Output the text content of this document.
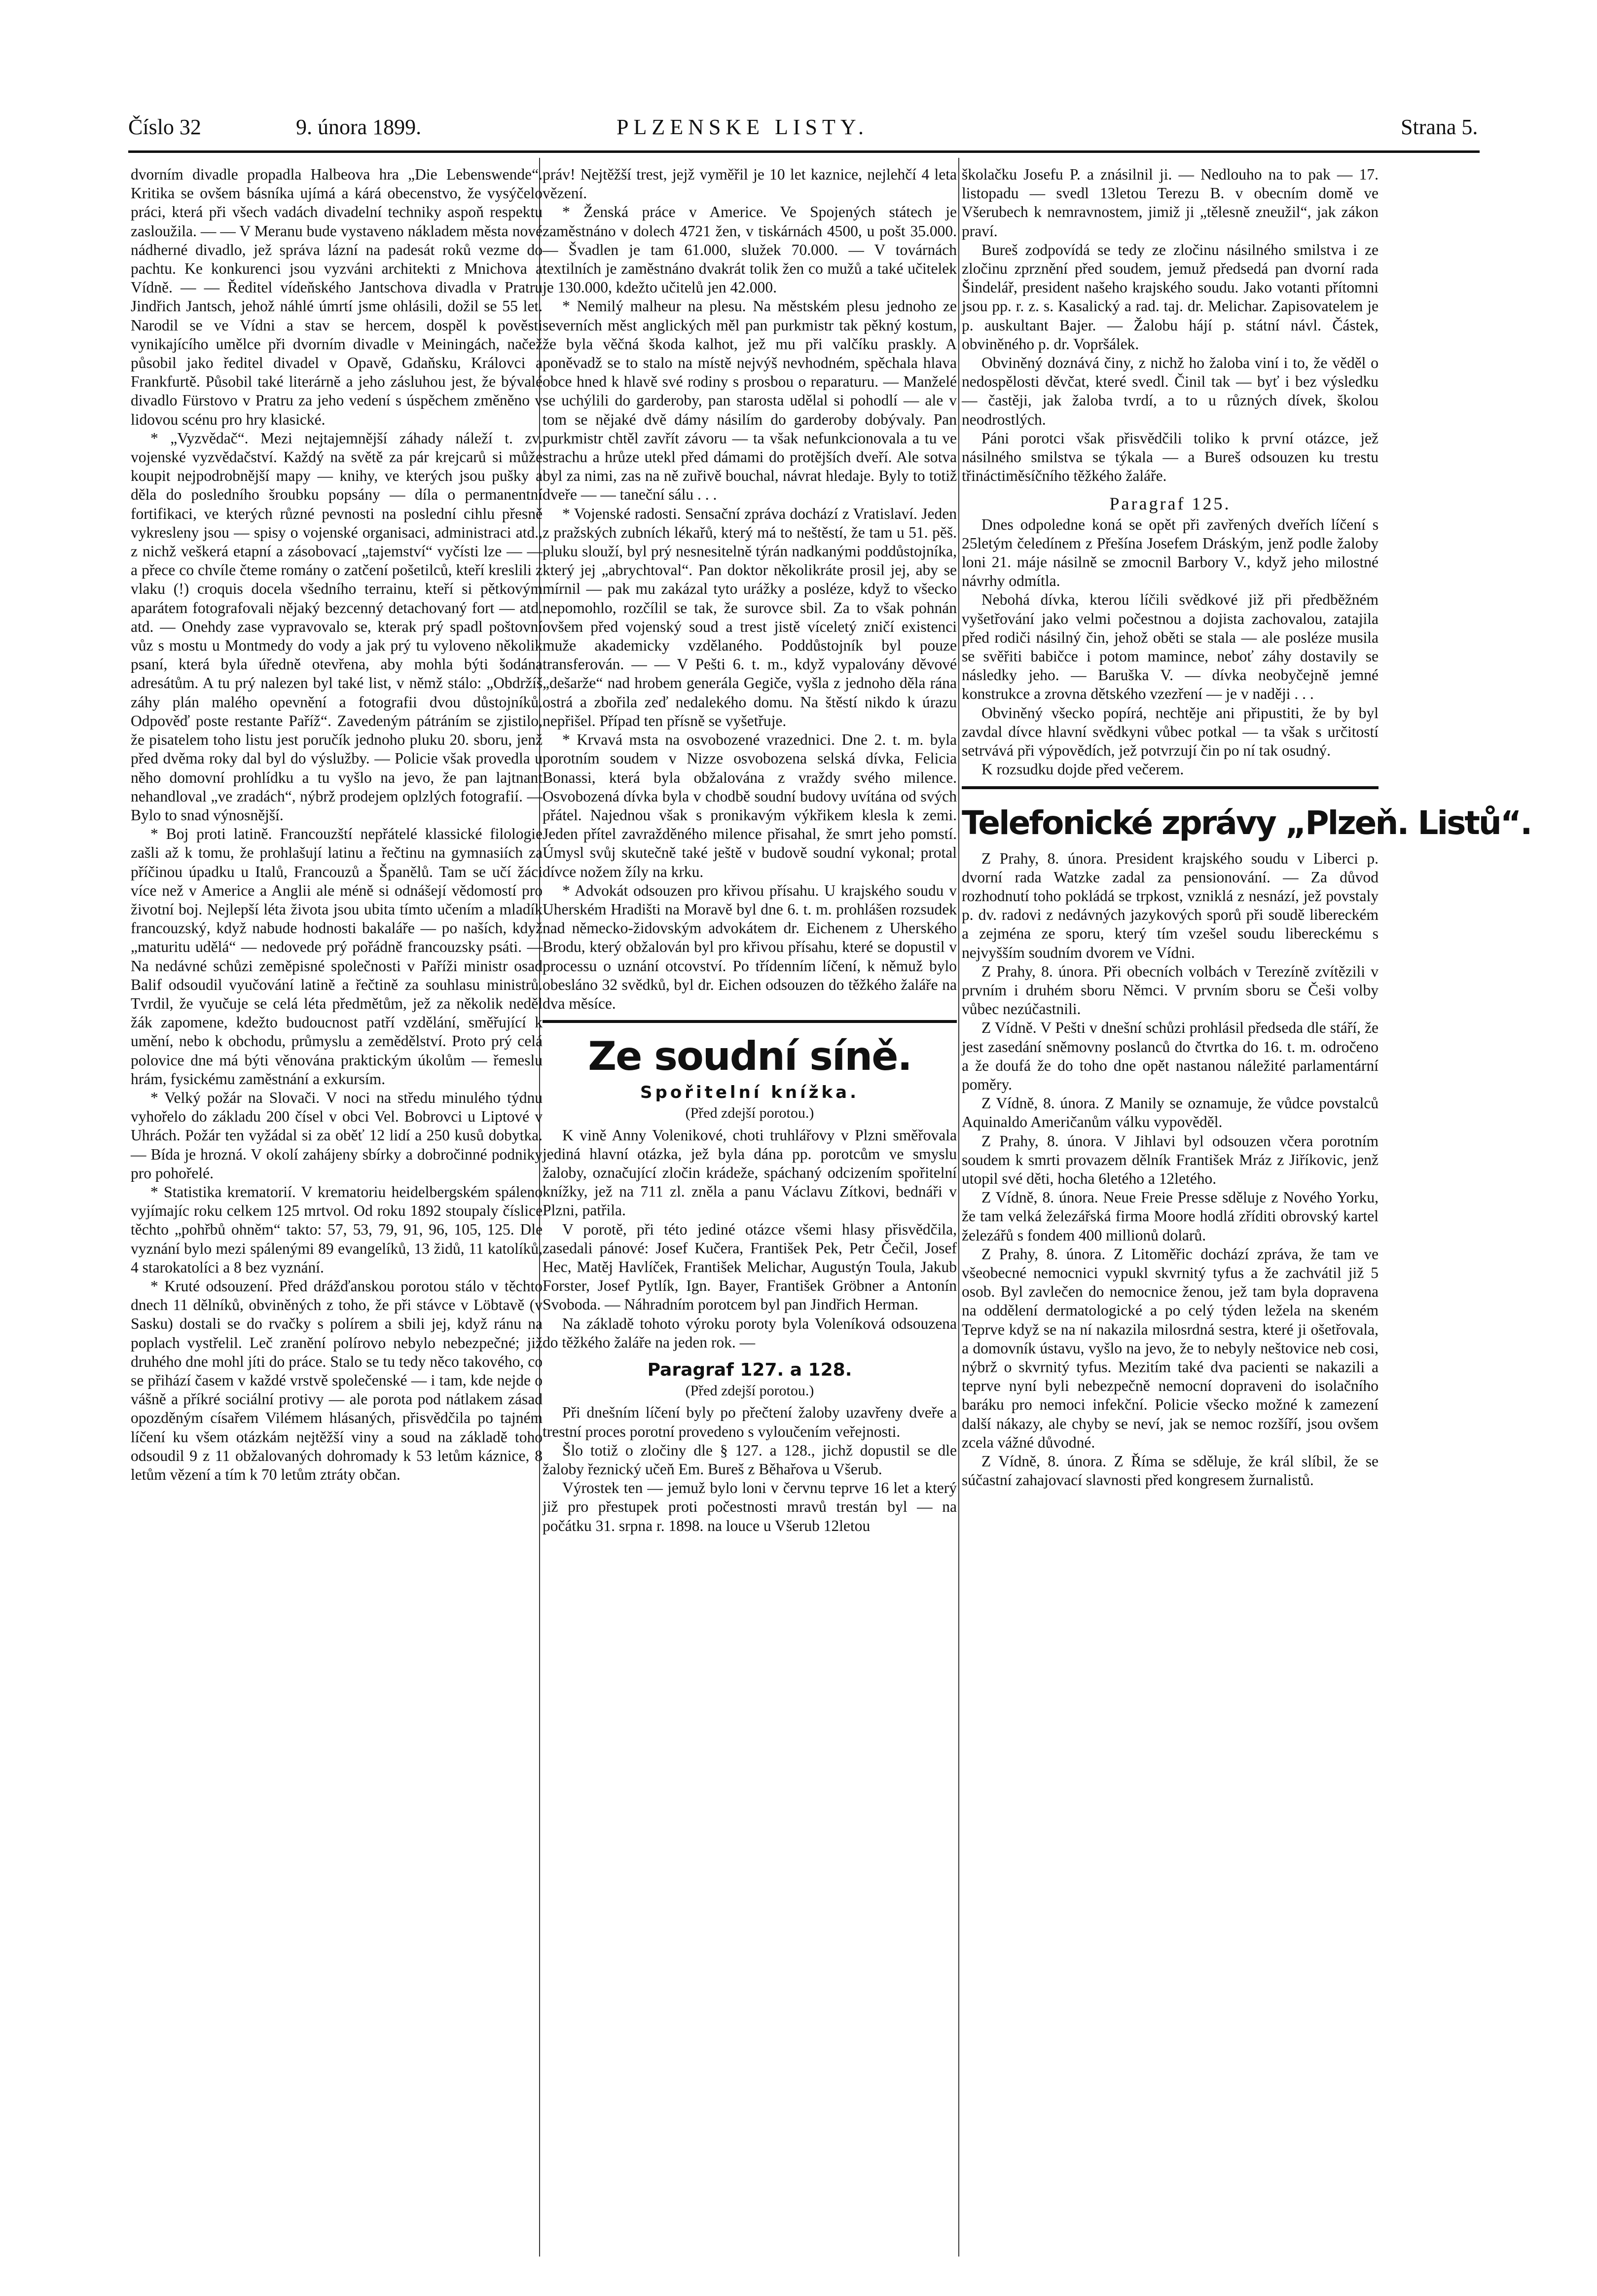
Číslo 32	9. února 1899.	PLZENSKE LISTY.	Strana 5.

dvorním divadle propadla Halbeova hra „Die Lebenswende“. Kritika se ovšem básníka ujímá a kárá obecenstvo, že vysýčelo práci, která při všech vadách divadelní techniky aspoň respektu zasloužila. — — V Meranu bude vystaveno nákladem města nové nádherné divadlo, jež správa lázní na padesát roků vezme do pachtu. Ke konkurenci jsou vyzváni architekti z Mnichova a Vídně. — — Ředitel vídeňského Jantschova divadla v Pratru Jindřich Jantsch, jehož náhlé úmrtí jsme ohlásili, dožil se 55 let. Narodil se ve Vídni a stav se hercem, dospěl k pověsti vynikajícího umělce při dvorním divadle v Meiningách, načež působil jako ředitel divadel v Opavě, Gdaňsku, Královci a Frankfurtě. Působil také literárně a jeho zásluhou jest, že bývalé divadlo Fürstovo v Pratru za jeho vedení s úspěchem změněno v lidovou scénu pro hry klasické.

* „Vyzvědač“. Mezi nejtajemnější záhady náleží t. zv. vojenské vyzvědačství. Každý na světě za pár krejcarů si může koupit nejpodrobnější mapy — knihy, ve kterých jsou pušky a děla do posledního šroubku popsány — díla o permanentní fortifikaci, ve kterých různé pevnosti na poslední cihlu přesně vykresleny jsou — spisy o vojenské organisaci, administraci atd., z nichž veškerá etapní a zásobovací „tajemství“ vyčísti lze — — a přece co chvíle čteme romány o zatčení pošetilců, kteří kreslili z vlaku (!) croquis docela všedního terrainu, kteří si pětkovým aparátem fotografovali nějaký bezcenný detachovaný fort — atd. atd. — Onehdy zase vypravovalo se, kterak prý spadl poštovní vůz s mostu u Montmedy do vody a jak prý tu vyloveno několik psaní, která byla úředně otevřena, aby mohla býti šodána adresátům. A tu prý nalezen byl také list, v němž stálo: „Obdržíš záhy plán malého opevnění a fotografii dvou důstojníků. Odpověď poste restante Paříž“. Zavedeným pátráním se zjistilo, že pisatelem toho listu jest poručík jednoho pluku 20. sboru, jenž před dvěma roky dal byl do výslužby. — Policie však provedla u něho domovní prohlídku a tu vyšlo na jevo, že pan lajtnant nehandloval „ve zradách“, nýbrž prodejem oplzlých fotografií. — Bylo to snad výnosnější.

* Boj proti latině. Francouzští nepřátelé klassické filologie zašli až k tomu, že prohlašují latinu a řečtinu na gymnasiích za příčinou úpadku u Italů, Francouzů a Španělů. Tam se učí žáci více než v Americe a Anglii ale méně si odnášejí vědomostí pro životní boj. Nejlepší léta života jsou ubita tímto učením a mladík francouzský, když nabude hodnosti bakaláře — po naších, když „maturitu udělá“ — nedovede prý pořádně francouzsky psáti. — Na nedávné schůzi zeměpisné společnosti v Paříži ministr osad Balif odsoudil vyučování latině a řečtině za souhlasu ministrů. Tvrdil, že vyučuje se celá léta předmětům, jež za několik neděl žák zapomene, kdežto budoucnost patří vzdělání, směřující k umění, nebo k obchodu, průmyslu a zemědělství. Proto prý celá polovice dne má býti věnována praktickým úkolům — řemeslu hrám, fysickému zaměstnání a exkursím.

* Velký požár na Slovači. V noci na středu minulého týdnu vyhořelo do základu 200 čísel v obci Vel. Bobrovci u Liptové v Uhrách. Požár ten vyžádal si za oběť 12 lidí a 250 kusů dobytka. — Bída je hrozná. V okolí zahájeny sbírky a dobročinné podniky pro pohořelé.

* Statistika krematorií. V krematoriu heidelbergském spáleno vyjímajíc roku celkem 125 mrtvol. Od roku 1892 stoupaly číslice těchto „pohřbů ohněm“ takto: 57, 53, 79, 91, 96, 105, 125. Dle vyznání bylo mezi spálenými 89 evangelíků, 13 židů, 11 katolíků, 4 starokatolíci a 8 bez vyznání.

* Kruté odsouzení. Před drážďanskou porotou stálo v těchto dnech 11 dělníků, obviněných z toho, že při stávce v Löbtavě (v Sasku) dostali se do rvačky s polírem a sbili jej, když ránu na poplach vystřelil. Leč zranění polírovo nebylo nebezpečné; již druhého dne mohl jíti do práce. Stalo se tu tedy něco takového, co se přihází časem v každé vrstvě společenské — i tam, kde nejde o vášně a příkré sociální protivy — ale porota pod nátlakem zásad opozděným císařem Vilémem hlásaných, přisvědčila po tajném líčení ku všem otázkám nejtěžší viny a soud na základě toho odsoudil 9 z 11 obžalovaných dohromady k 53 letům káznice, 8 letům vězení a tím k 70 letům ztráty občan.

práv! Nejtěžší trest, jejž vyměřil je 10 let kaznice, nejlehčí 4 leta vězení.

* Ženská práce v Americe. Ve Spojených státech je zaměstnáno v dolech 4721 žen, v tiskárnách 4500, u pošt 35.000. — Švadlen je tam 61.000, služek 70.000. — V továrnách textilních je zaměstnáno dvakrát tolik žen co mužů a také učitelek je 130.000, kdežto učitelů jen 42.000.

* Nemilý malheur na plesu. Na městském plesu jednoho ze severních měst anglických měl pan purkmistr tak pěkný kostum, že byla věčná škoda kalhot, jež mu při valčíku praskly. A poněvadž se to stalo na místě nejvýš nevhodném, spěchala hlava obce hned k hlavě své rodiny s prosbou o reparaturu. — Manželé se uchýlili do garderoby, pan starosta udělal si pohodlí — ale v tom se nějaké dvě dámy násilím do garderoby dobývaly. Pan purkmistr chtěl zavřít závoru — ta však nefunkcionovala a tu ve strachu a hrůze utekl před dámami do protějších dveří. Ale sotva byl za nimi, zas na ně zuřivě bouchal, návrat hledaje. Byly to totiž dveře — — taneční sálu . . .

* Vojenské radosti. Sensační zpráva dochází z Vratislaví. Jeden z pražských zubních lékařů, který má to neštěstí, že tam u 51. pěš. pluku slouží, byl prý nesnesitelně týrán nadkanými poddůstojníka, který jej „abrychtoval“. Pan doktor několikráte prosil jej, aby se mírnil — pak mu zakázal tyto urážky a posléze, když to všecko nepomohlo, rozčílil se tak, že surovce sbil. Za to však pohnán ovšem před vojenský soud a trest jistě víceletý zničí existenci muže akademicky vzdělaného. Poddůstojník byl pouze transferován. — — V Pešti 6. t. m., když vypalovány děvové „dešarže“ nad hrobem generála Gegiče, vyšla z jednoho děla rána ostrá a zbořila zeď nedalekého domu. Na štěstí nikdo k úrazu nepřišel. Případ ten přísně se vyšetřuje.

* Krvavá msta na osvobozené vrazednici. Dne 2. t. m. byla porotním soudem v Nizze osvobozena selská dívka, Felicia Bonassi, která byla obžalována z vraždy svého milence. Osvobozená dívka byla v chodbě soudní budovy uvítána od svých přátel. Najednou však s pronikavým výkřikem klesla k zemi. Jeden přítel zavražděného milence přisahal, že smrt jeho pomstí. Úmysl svůj skutečně také ještě v budově soudní vykonal; protal dívce nožem žíly na krku.

* Advokát odsouzen pro křivou přísahu. U krajského soudu v Uherském Hradišti na Moravě byl dne 6. t. m. prohlášen rozsudek nad německo-židovským advokátem dr. Eichenem z Uherského Brodu, který obžalován byl pro křivou přísahu, které se dopustil v processu o uznání otcovství. Po třídenním líčení, k němuž bylo obesláno 32 svědků, byl dr. Eichen odsouzen do těžkého žaláře na dva měsíce.

Ze soudní síně.
Spořitelní knížka.
(Před zdejší porotou.)

K vině Anny Volenikové, choti truhlářovy v Plzni směřovala jediná hlavní otázka, jež byla dána pp. porotcům ve smyslu žaloby, označující zločin krádeže, spáchaný odcizením spořitelní knížky, jež na 711 zl. zněla a panu Václavu Zítkovi, bednáři v Plzni, patřila.

V porotě, při této jediné otázce všemi hlasy přisvědčila, zasedali pánové: Josef Kučera, František Pek, Petr Čečil, Josef Hec, Matěj Havlíček, František Melichar, Augustýn Toula, Jakub Forster, Josef Pytlík, Ign. Bayer, František Gröbner a Antonín Svoboda. — Náhradním porotcem byl pan Jindřich Herman.

Na základě tohoto výroku poroty byla Voleníková odsouzena do těžkého žaláře na jeden rok. —

Paragraf 127. a 128.
(Před zdejší porotou.)

Při dnešním líčení byly po přečtení žaloby uzavřeny dveře a trestní proces porotní provedeno s vyloučením veřejnosti.

Šlo totiž o zločiny dle § 127. a 128., jichž dopustil se dle žaloby řeznický učeň Em. Bureš z Běhařova u Všerub.

Výrostek ten — jemuž bylo loni v červnu teprve 16 let a který již pro přestupek proti počestnosti mravů trestán byl — na počátku 31. srpna r. 1898. na louce u Všerub 12letou

školačku Josefu P. a znásilnil ji. — Nedlouho na to pak — 17. listopadu — svedl 13letou Terezu B. v obecním domě ve Všerubech k nemravnostem, jimiž ji „tělesně zneužil“, jak zákon praví.

Bureš zodpovídá se tedy ze zločinu násilného smilstva i ze zločinu zprznění před soudem, jemuž předsedá pan dvorní rada Šindelář, president našeho krajského soudu. Jako votanti přítomni jsou pp. r. z. s. Kasalický a rad. taj. dr. Melichar. Zapisovatelem je p. auskultant Bajer. — Žalobu hájí p. státní návl. Částek, obviněného p. dr. Vopršálek.

Obviněný doznává činy, z nichž ho žaloba viní i to, že věděl o nedospělosti děvčat, které svedl. Činil tak — byť i bez výsledku — častěji, jak žaloba tvrdí, a to u různých dívek, školou neodrostlých.

Páni porotci však přisvědčili toliko k první otázce, jež násilného smilstva se týkala — a Bureš odsouzen ku trestu třináctiměsíčního těžkého žaláře.

Paragraf 125.

Dnes odpoledne koná se opět při zavřených dveřích líčení s 25letým čeledínem z Přešína Josefem Dráským, jenž podle žaloby loni 21. máje násilně se zmocnil Barbory V., když jeho milostné návrhy odmítla.

Nebohá dívka, kterou líčili svědkové již při předběžném vyšetřování jako velmi počestnou a dojista zachovalou, zatajila před rodiči násilný čin, jehož oběti se stala — ale posléze musila se svěřiti babičce i potom mamince, neboť záhy dostavily se následky jeho. — Baruška V. — dívka neobyčejně jemné konstrukce a zrovna dětského vzezření — je v naději . . .

Obviněný všecko popírá, nechtěje ani připustiti, že by byl zavdal dívce hlavní svědkyni vůbec potkal — ta však s určitostí setrvává při výpovědích, jež potvrzují čin po ní tak osudný.

K rozsudku dojde před večerem.

Telefonické zprávy „Plzeň. Listů“.

Z Prahy, 8. února. President krajského soudu v Liberci p. dvorní rada Watzke zadal za pensionování. — Za důvod rozhodnutí toho pokládá se trpkost, vzniklá z nesnází, jež povstaly p. dv. radovi z nedávných jazykových sporů při soudě libereckém a zejména ze sporu, který tím vzešel soudu libereckému s nejvyšším soudním dvorem ve Vídni.

Z Prahy, 8. února. Při obecních volbách v Terezíně zvítězili v prvním i druhém sboru Němci. V prvním sboru se Češi volby vůbec nezúčastnili.

Z Vídně. V Pešti v dnešní schůzi prohlásil předseda dle stáří, že jest zasedání sněmovny poslanců do čtvrtka do 16. t. m. odročeno a že doufá že do toho dne opět nastanou náležité parlamentární poměry.

Z Vídně, 8. února. Z Manily se oznamuje, že vůdce povstalců Aquinaldo Američanům válku vypověděl.

Z Prahy, 8. února. V Jihlavi byl odsouzen včera porotním soudem k smrti provazem dělník František Mráz z Jiříkovic, jenž utopil své děti, hocha 6letého a 12letého.

Z Vídně, 8. února. Neue Freie Presse sděluje z Nového Yorku, že tam velká železářská firma Moore hodlá zříditi obrovský kartel železářů s fondem 400 millionů dolarů.

Z Prahy, 8. února. Z Litoměřic dochází zpráva, že tam ve všeobecné nemocnici vypukl skvrnitý tyfus a že zachvátil již 5 osob. Byl zavlečen do nemocnice ženou, jež tam byla dopravena na oddělení dermatologické a po celý týden ležela na skeném Teprve když se na ní nakazila milosrdná sestra, které ji ošetřovala, a domovník ústavu, vyšlo na jevo, že to nebyly neštovice neb cosi, nýbrž o skvrnitý tyfus. Mezitím také dva pacienti se nakazili a teprve nyní byli nebezpečně nemocní dopraveni do isolačního baráku pro nemoci infekční. Policie všecko možné k zamezení další nákazy, ale chyby se neví, jak se nemoc rozšíří, jsou ovšem zcela vážné důvodné.

Z Vídně, 8. února. Z Říma se sděluje, že král slíbil, že se súčastní zahajovací slavnosti před kongresem žurnalistů.
